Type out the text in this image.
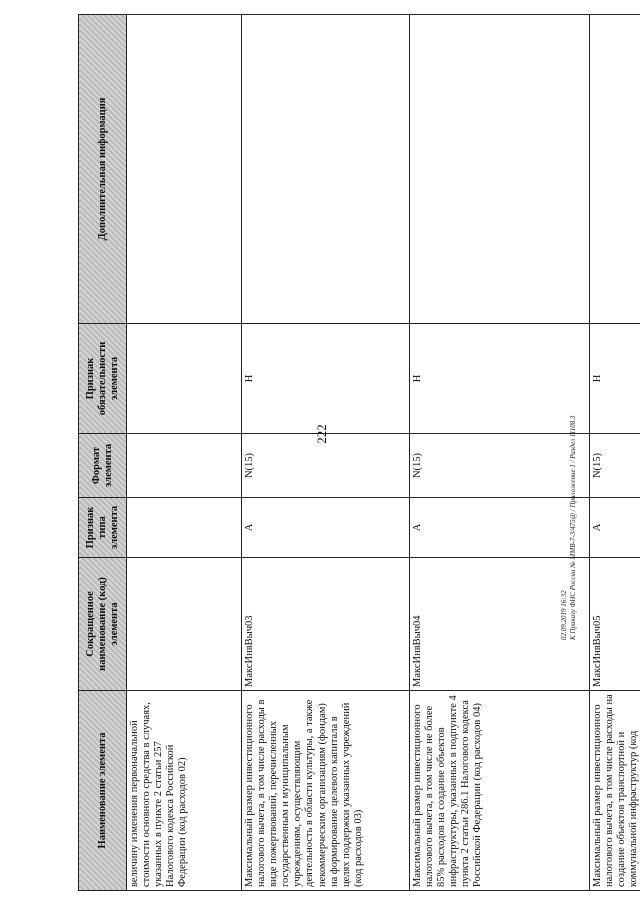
222
02.09.2019 16:32 К Приказу ФНС России № ММВ-7-3/475@ / Приложение 1 / Раздел 11108.3
Наименование элемента	Сокращенное наименование (код) элемента	Признак типа элемента	Формат элемента	Признак обязательности элемента	Дополнительная информация
величину изменения первоначальной стоимости основного средства в случаях, указанных в пункте 2 статьи 257 Налогового кодекса Российской Федерации (код расходов 02)					
Максимальный размер инвестиционного налогового вычета, в том числе расходы в виде пожертвований, перечисленных государственным и муниципальным учреждениям, осуществляющим деятельность в области культуры, а также некоммерческим организациям (фондам) на формирование целевого капитала в целях поддержки указанных учреждений (код расходов 03)	МаксИнвВыч03	А	N(15)	Н	
Максимальный размер инвестиционного налогового вычета, в том числе не более 85% расходов на создание объектов инфраструктуры, указанных в подпункте 4 пункта 2 статьи 286.1 Налогового кодекса Российской Федерации (код расходов 04)	МаксИнвВыч04	А	N(15)	Н	
Максимальный размер инвестиционного налогового вычета, в том числе расходы на создание объектов транспортной и коммунальной инфраструктур (код	МаксИнвВыч05	А	N(15)	Н	
